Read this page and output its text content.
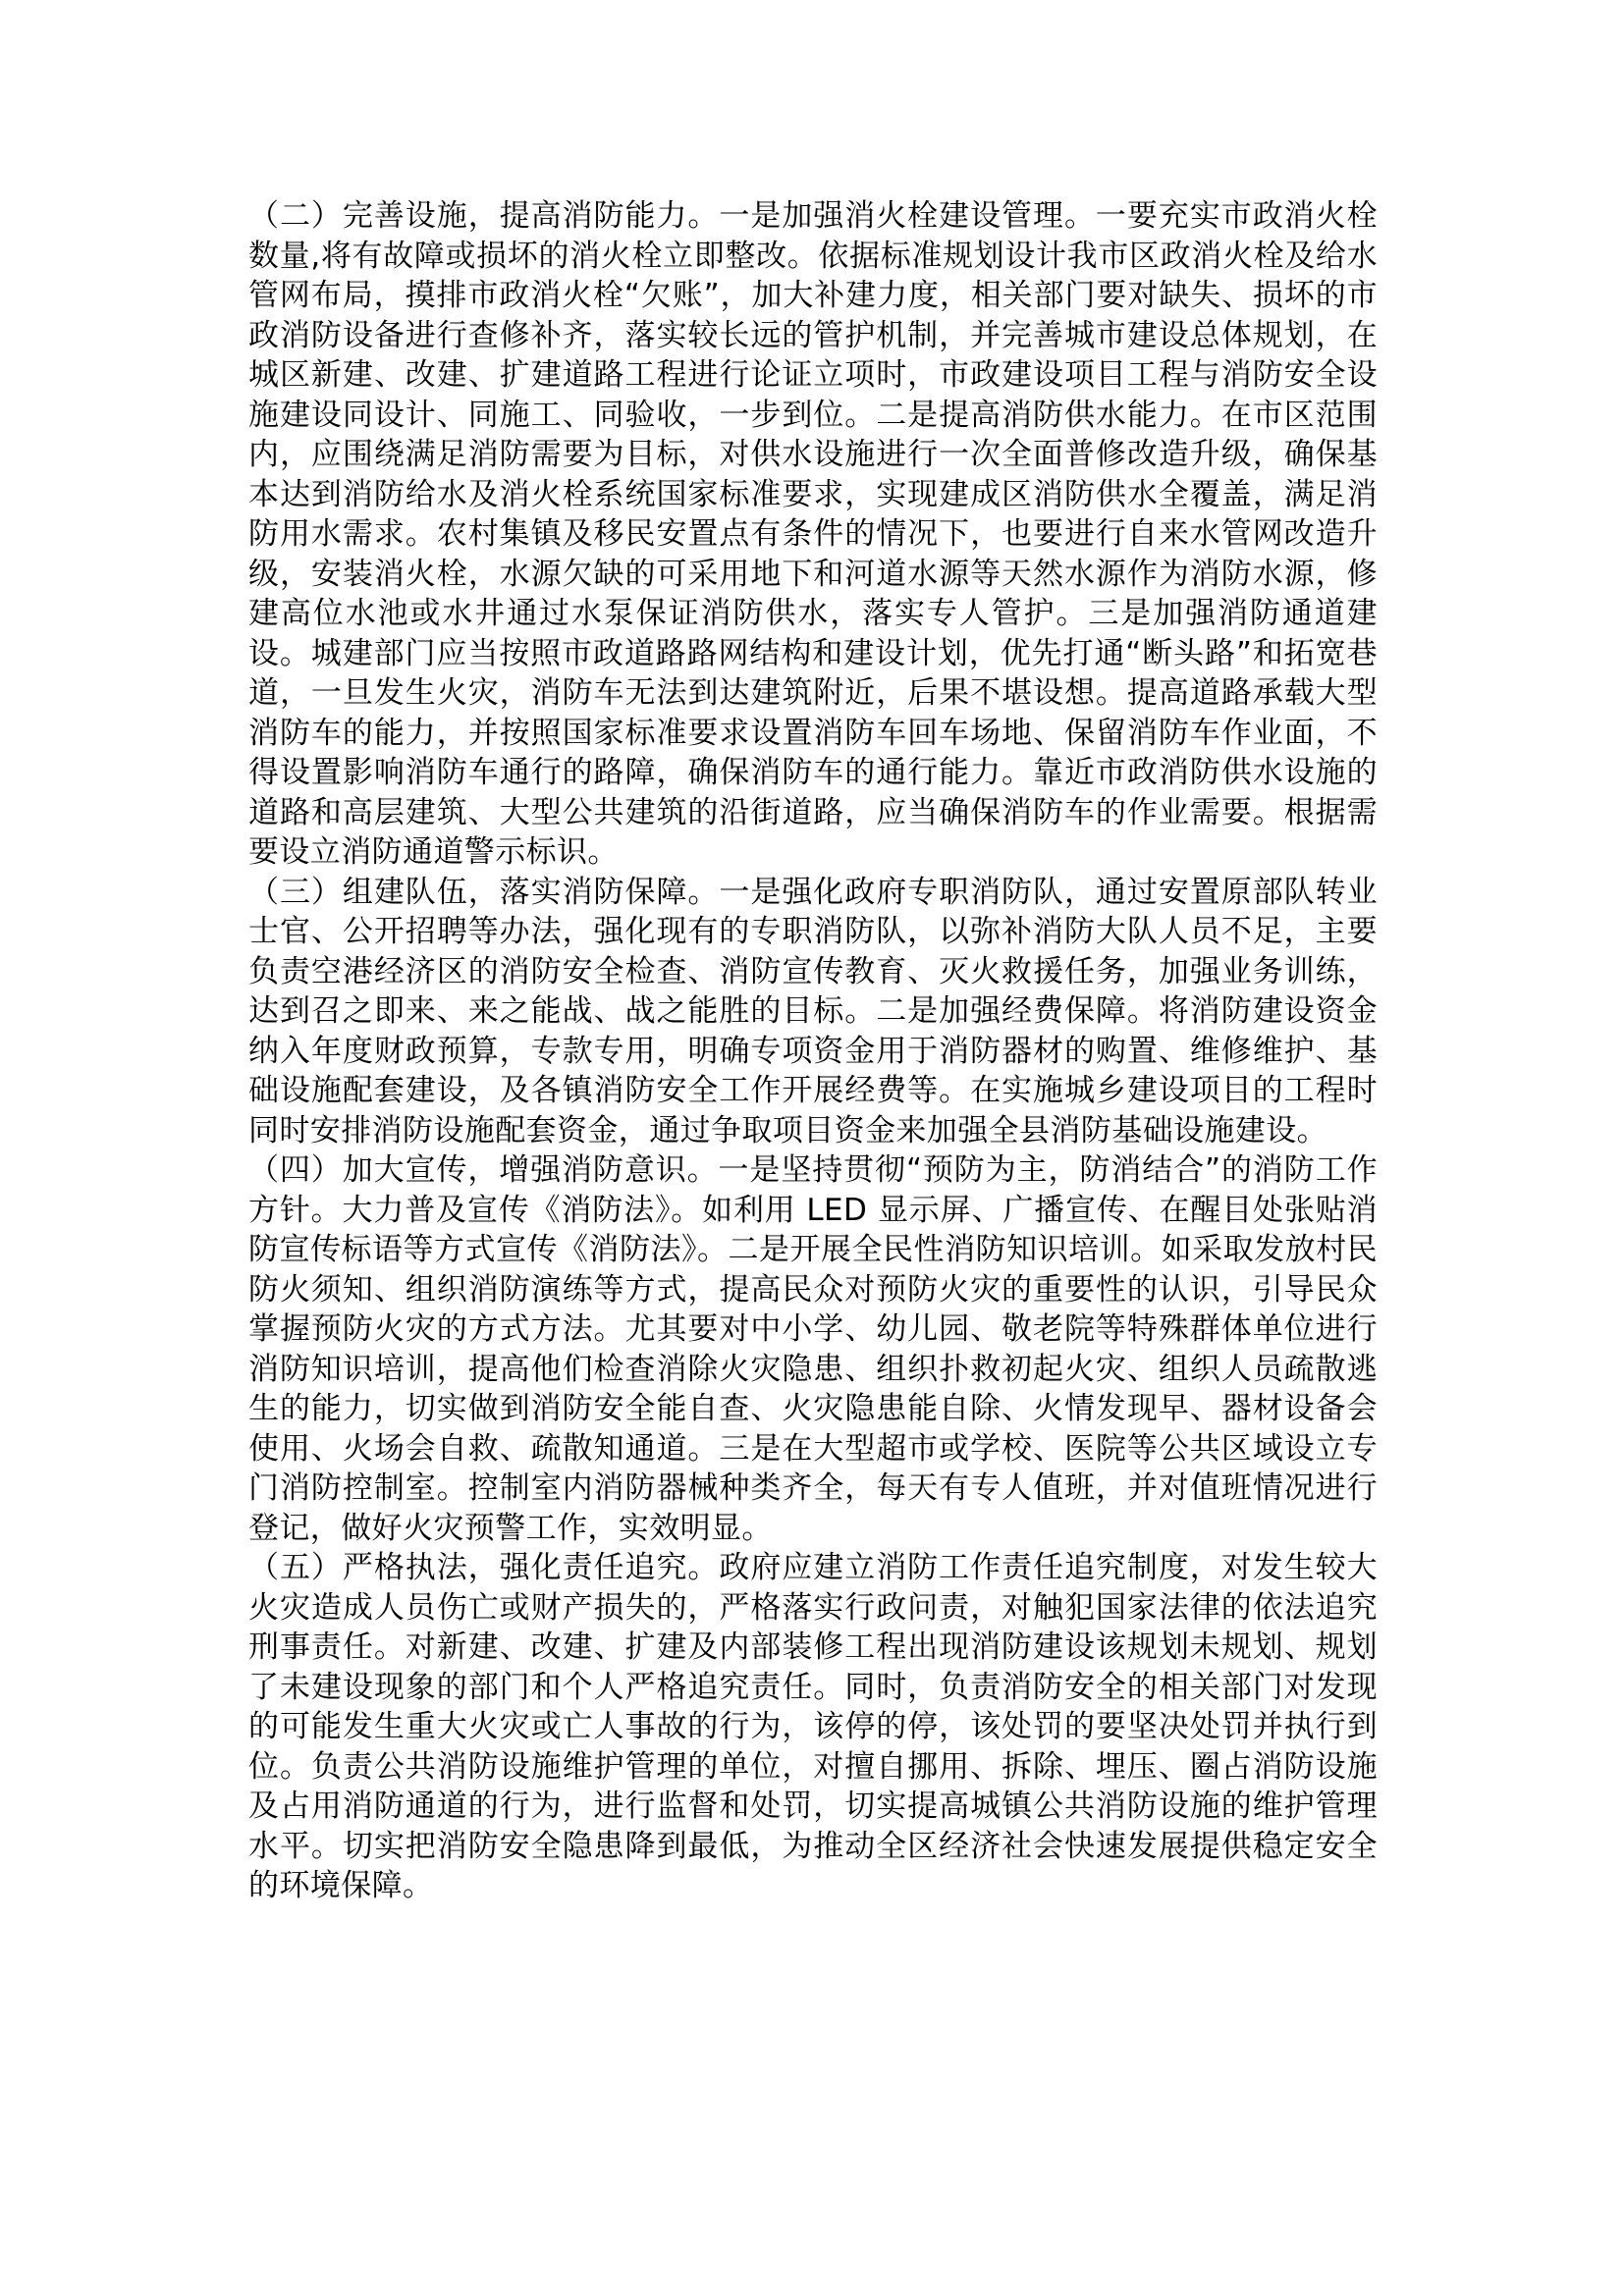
（二）完善设施，提高消防能力。一是加强消火栓建设管理。一要充实市政消火栓数量,将有故障或损坏的消火栓立即整改。依据标准规划设计我市区政消火栓及给水管网布局，摸排市政消火栓“欠账”，加大补建力度，相关部门要对缺失、损坏的市政消防设备进行查修补齐，落实较长远的管护机制，并完善城市建设总体规划，在城区新建、改建、扩建道路工程进行论证立项时，市政建设项目工程与消防安全设施建设同设计、同施工、同验收，一步到位。二是提高消防供水能力。在市区范围内，应围绕满足消防需要为目标，对供水设施进行一次全面普修改造升级，确保基本达到消防给水及消火栓系统国家标准要求，实现建成区消防供水全覆盖，满足消防用水需求。农村集镇及移民安置点有条件的情况下，也要进行自来水管网改造升级，安装消火栓，水源欠缺的可采用地下和河道水源等天然水源作为消防水源，修建高位水池或水井通过水泵保证消防供水，落实专人管护。三是加强消防通道建设。城建部门应当按照市政道路路网结构和建设计划，优先打通“断头路”和拓宽巷道，一旦发生火灾，消防车无法到达建筑附近，后果不堪设想。提高道路承载大型消防车的能力，并按照国家标准要求设置消防车回车场地、保留消防车作业面，不得设置影响消防车通行的路障，确保消防车的通行能力。靠近市政消防供水设施的道路和高层建筑、大型公共建筑的沿街道路，应当确保消防车的作业需要。根据需要设立消防通道警示标识。

（三）组建队伍，落实消防保障。一是强化政府专职消防队，通过安置原部队转业士官、公开招聘等办法，强化现有的专职消防队，以弥补消防大队人员不足，主要负责空港经济区的消防安全检查、消防宣传教育、灭火救援任务，加强业务训练，达到召之即来、来之能战、战之能胜的目标。二是加强经费保障。将消防建设资金纳入年度财政预算，专款专用，明确专项资金用于消防器材的购置、维修维护、基础设施配套建设，及各镇消防安全工作开展经费等。在实施城乡建设项目的工程时同时安排消防设施配套资金，通过争取项目资金来加强全县消防基础设施建设。

（四）加大宣传，增强消防意识。一是坚持贯彻“预防为主，防消结合”的消防工作方针。大力普及宣传《消防法》。如利用 LED 显示屏、广播宣传、在醒目处张贴消防宣传标语等方式宣传《消防法》。二是开展全民性消防知识培训。如采取发放村民防火须知、组织消防演练等方式，提高民众对预防火灾的重要性的认识，引导民众掌握预防火灾的方式方法。尤其要对中小学、幼儿园、敬老院等特殊群体单位进行消防知识培训，提高他们检查消除火灾隐患、组织扑救初起火灾、组织人员疏散逃生的能力，切实做到消防安全能自查、火灾隐患能自除、火情发现早、器材设备会使用、火场会自救、疏散知通道。三是在大型超市或学校、医院等公共区域设立专门消防控制室。控制室内消防器械种类齐全，每天有专人值班，并对值班情况进行登记，做好火灾预警工作，实效明显。

（五）严格执法，强化责任追究。政府应建立消防工作责任追究制度，对发生较大火灾造成人员伤亡或财产损失的，严格落实行政问责，对触犯国家法律的依法追究刑事责任。对新建、改建、扩建及内部装修工程出现消防建设该规划未规划、规划了未建设现象的部门和个人严格追究责任。同时，负责消防安全的相关部门对发现的可能发生重大火灾或亡人事故的行为，该停的停，该处罚的要坚决处罚并执行到位。负责公共消防设施维护管理的单位，对擅自挪用、拆除、埋压、圈占消防设施及占用消防通道的行为，进行监督和处罚，切实提高城镇公共消防设施的维护管理水平。切实把消防安全隐患降到最低，为推动全区经济社会快速发展提供稳定安全的环境保障。
